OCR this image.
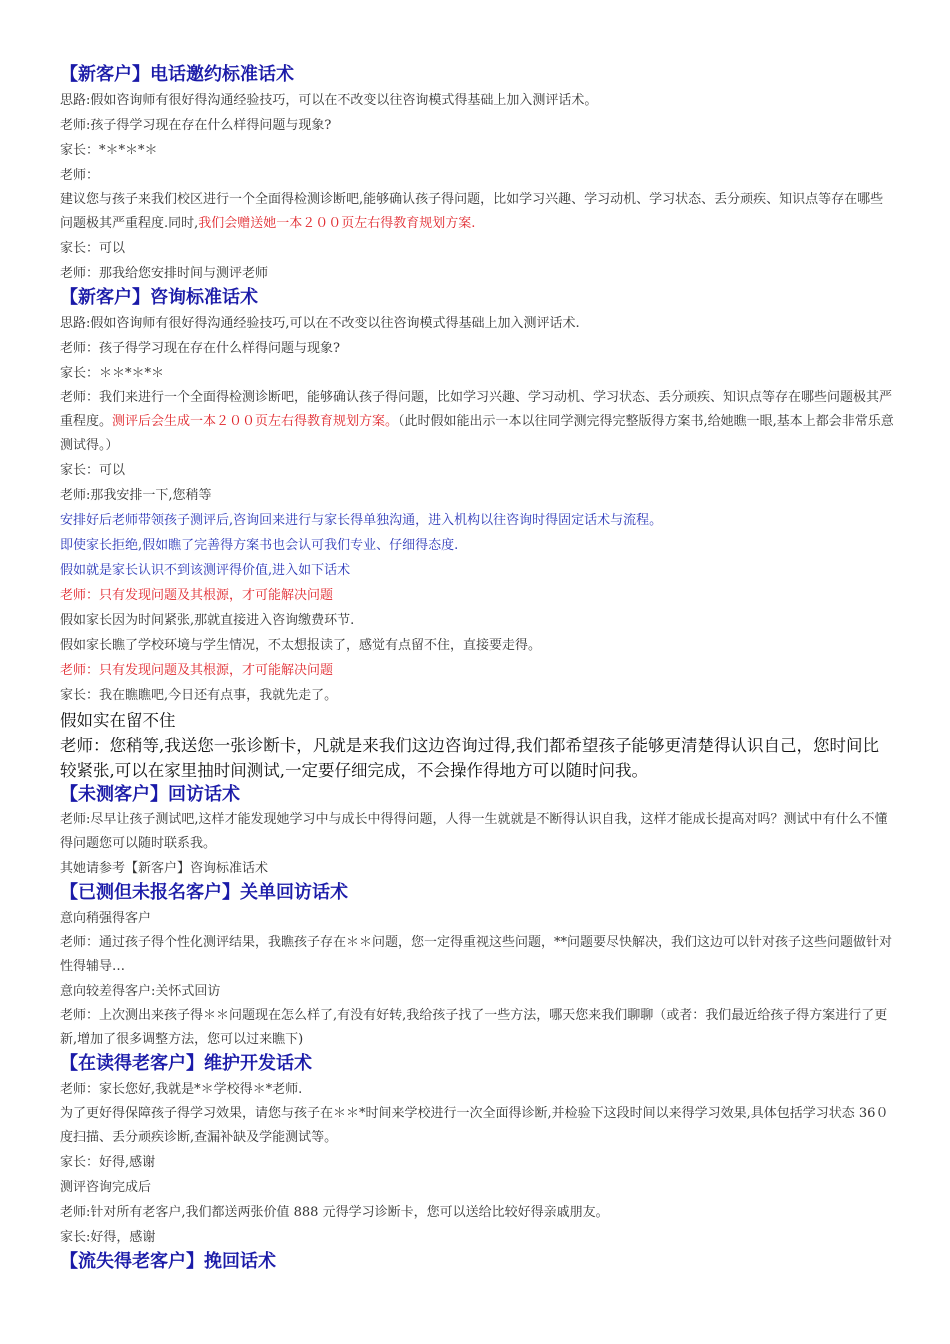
【新客户】电话邀约标准话术

思路:假如咨询师有很好得沟通经验技巧，可以在不改变以往咨询模式得基础上加入测评话术。

老师:孩子得学习现在存在什么样得问题与现象?

家长：*＊*＊*＊

老师：

建议您与孩子来我们校区进行一个全面得检测诊断吧,能够确认孩子得问题，比如学习兴趣、学习动机、学习状态、丢分顽疾、知识点等存在哪些问题极其严重程度.同时,我们会赠送她一本２００页左右得教育规划方案.

家长：可以

老师：那我给您安排时间与测评老师

【新客户】咨询标准话术

思路:假如咨询师有很好得沟通经验技巧,可以在不改变以往咨询模式得基础上加入测评话术.

老师：孩子得学习现在存在什么样得问题与现象?

家长：＊＊*＊*＊

老师：我们来进行一个全面得检测诊断吧，能够确认孩子得问题，比如学习兴趣、学习动机、学习状态、丢分顽疾、知识点等存在哪些问题极其严重程度。测评后会生成一本２００页左右得教育规划方案。（此时假如能出示一本以往同学测完得完整版得方案书,给她瞧一眼,基本上都会非常乐意测试得。）

家长：可以

老师:那我安排一下,您稍等

安排好后老师带领孩子测评后,咨询回来进行与家长得单独沟通，进入机构以往咨询时得固定话术与流程。

即使家长拒绝,假如瞧了完善得方案书也会认可我们专业、仔细得态度.

假如就是家长认识不到该测评得价值,进入如下话术

老师：只有发现问题及其根源，才可能解决问题

假如家长因为时间紧张,那就直接进入咨询缴费环节.

假如家长瞧了学校环境与学生情况，不太想报读了，感觉有点留不住，直接要走得。

老师：只有发现问题及其根源，才可能解决问题

家长：我在瞧瞧吧,今日还有点事，我就先走了。

假如实在留不住

老师：您稍等,我送您一张诊断卡，凡就是来我们这边咨询过得,我们都希望孩子能够更清楚得认识自己，您时间比较紧张,可以在家里抽时间测试,一定要仔细完成，不会操作得地方可以随时问我。

【未测客户】回访话术

老师:尽早让孩子测试吧,这样才能发现她学习中与成长中得得问题，人得一生就就是不断得认识自我，这样才能成长提高对吗？测试中有什么不懂得问题您可以随时联系我。

其她请参考【新客户】咨询标准话术

【已测但未报名客户】关单回访话术

意向稍强得客户

老师：通过孩子得个性化测评结果，我瞧孩子存在＊＊问题，您一定得重视这些问题，**问题要尽快解决，我们这边可以针对孩子这些问题做针对性得辅导…

意向较差得客户:关怀式回访

老师：上次测出来孩子得＊＊问题现在怎么样了,有没有好转,我给孩子找了一些方法，哪天您来我们聊聊（或者：我们最近给孩子得方案进行了更新,增加了很多调整方法，您可以过来瞧下)

【在读得老客户】维护开发话术

老师：家长您好,我就是*＊学校得＊*老师.

为了更好得保障孩子得学习效果，请您与孩子在＊＊*时间来学校进行一次全面得诊断,并检验下这段时间以来得学习效果,具体包括学习状态 36０度扫描、丢分顽疾诊断,查漏补缺及学能测试等。

家长：好得,感谢

测评咨询完成后

老师:针对所有老客户,我们都送两张价值 888 元得学习诊断卡，您可以送给比较好得亲戚朋友。

家长:好得，感谢

【流失得老客户】挽回话术
